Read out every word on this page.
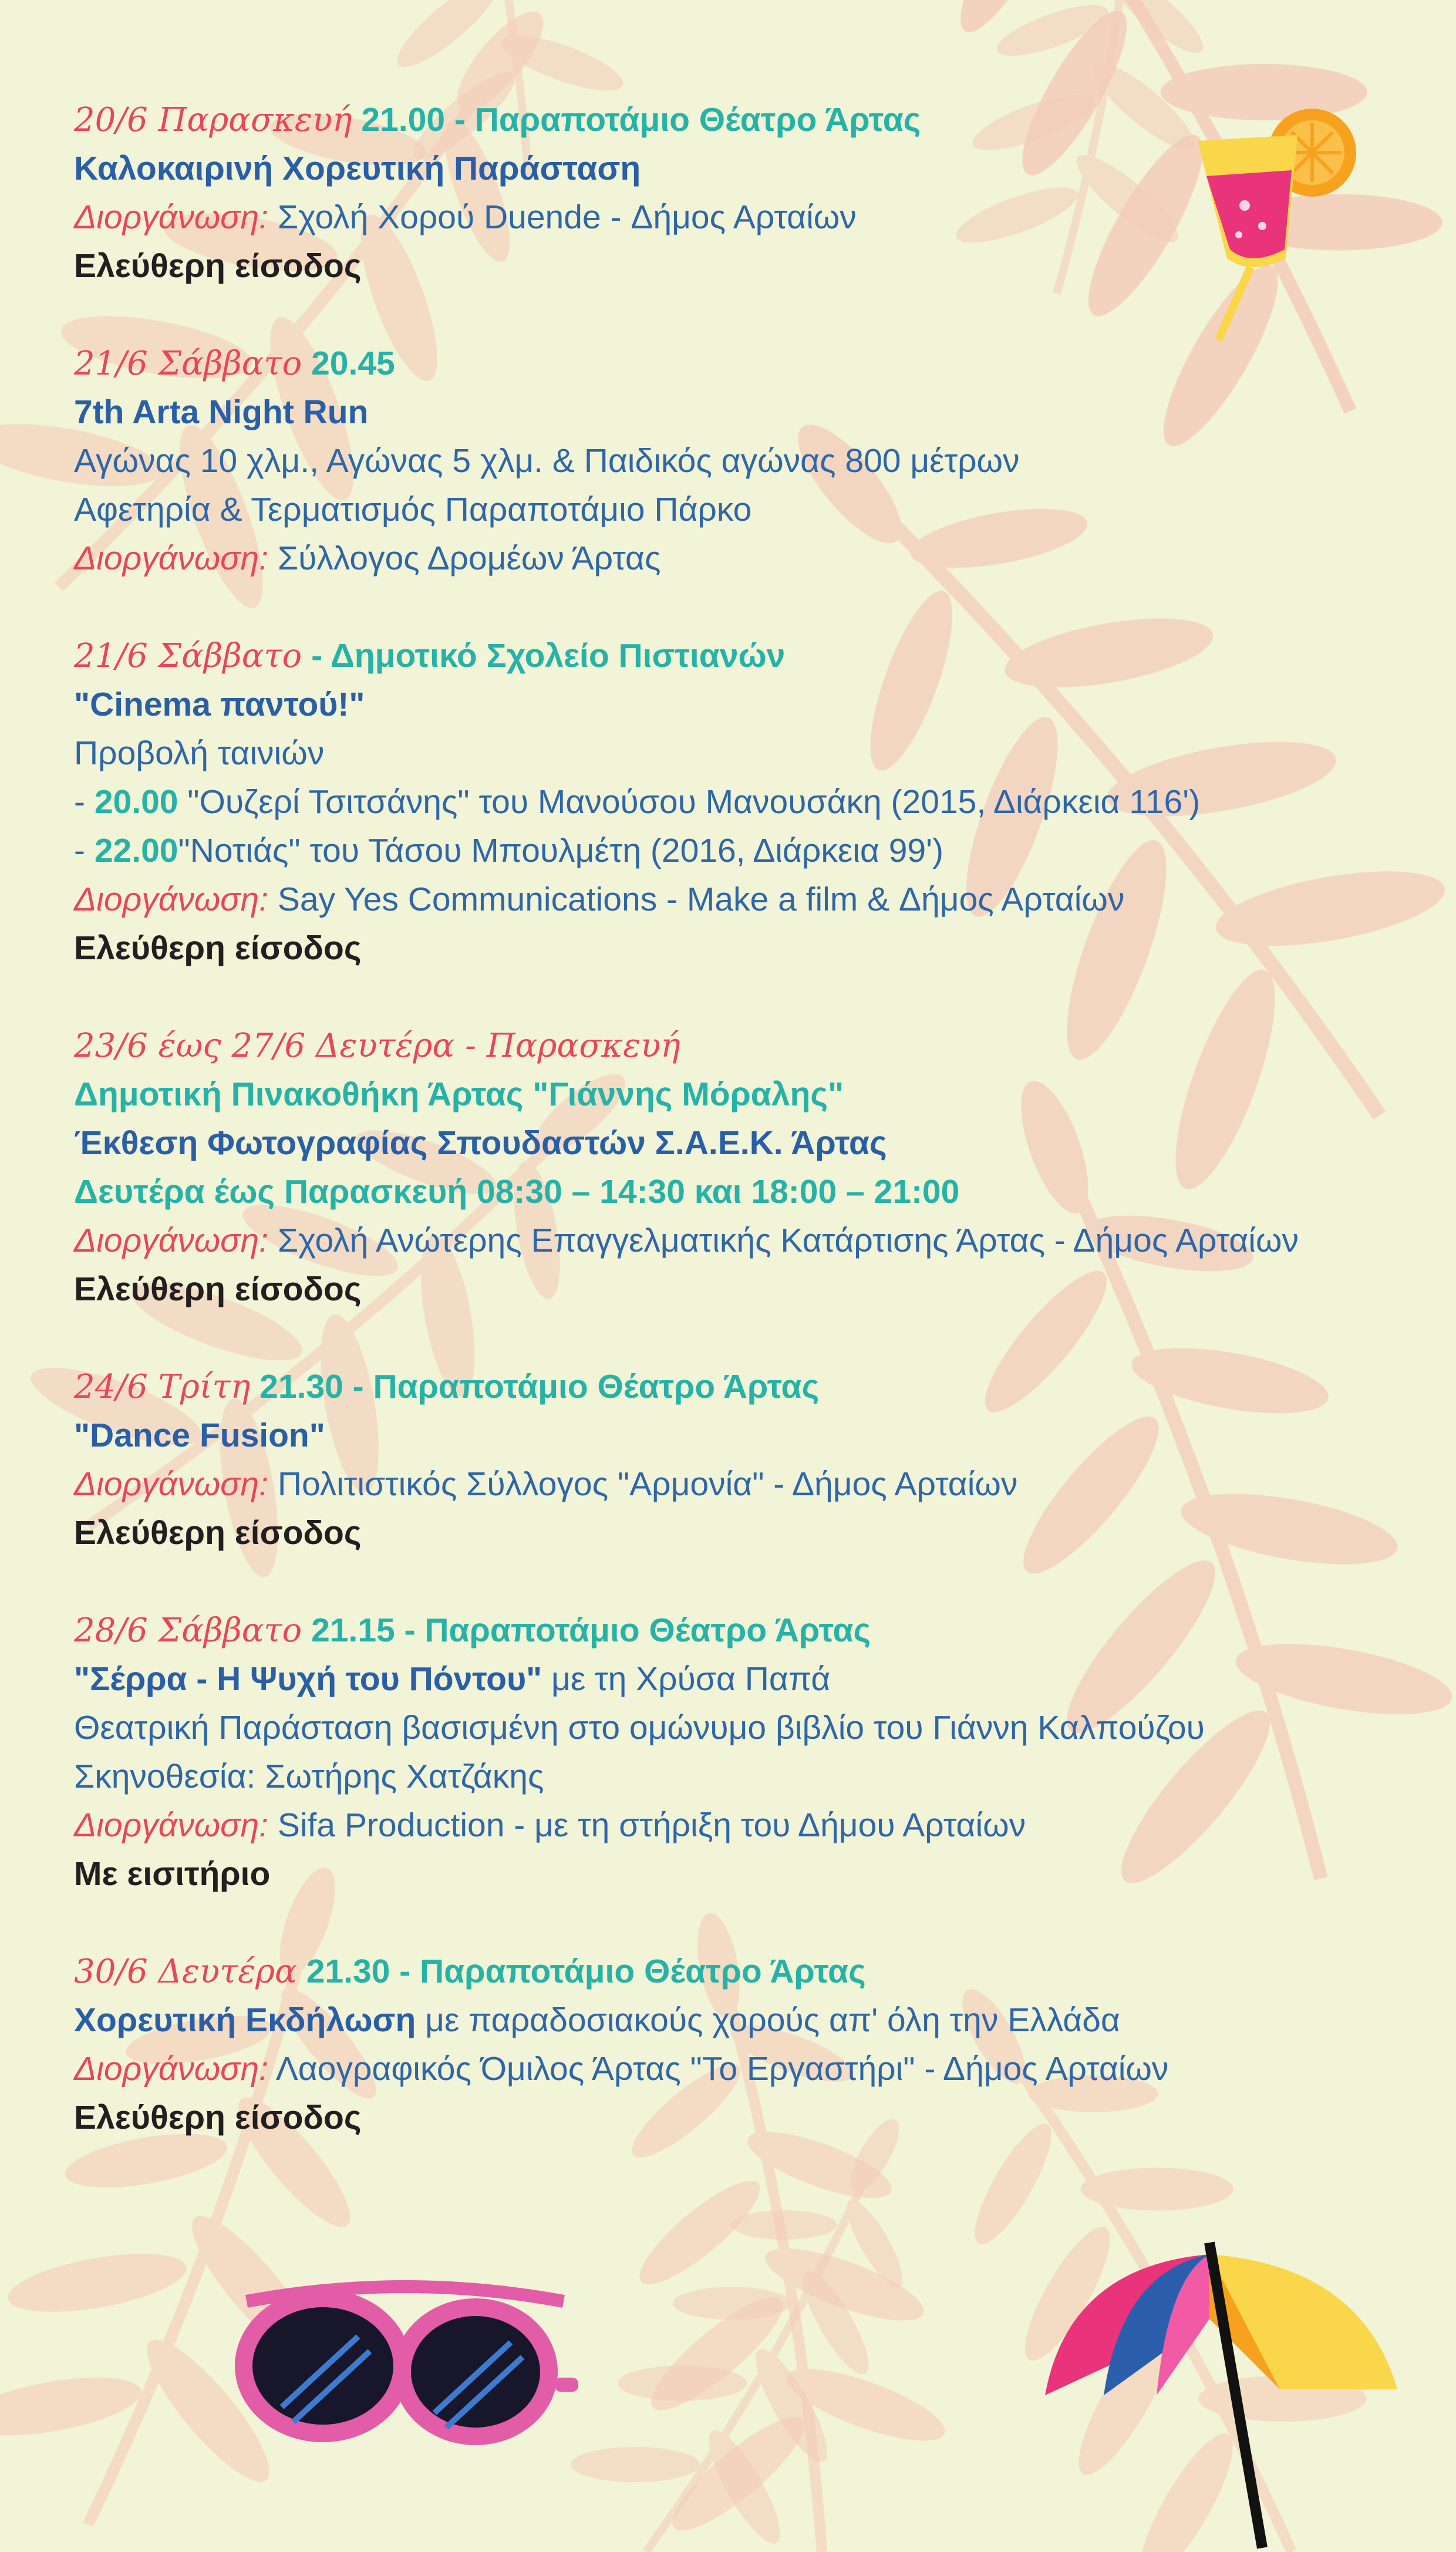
20/6 Παρασκευή 21.00 - Παραποτάμιο Θέατρο Άρτας
Καλοκαιρινή Χορευτική Παράσταση
Διοργάνωση: Σχολή Χορού Duende - Δήμος Αρταίων
Ελεύθερη είσοδος
21/6 Σάββατο 20.45
7th Arta Night Run
Αγώνας 10 χλμ., Αγώνας 5 χλμ. & Παιδικός αγώνας 800 μέτρων
Αφετηρία & Τερματισμός Παραποτάμιο Πάρκο
Διοργάνωση: Σύλλογος Δρομέων Άρτας
21/6 Σάββατο - Δημοτικό Σχολείο Πιστιανών
"Cinema παντού!"
Προβολή ταινιών
- 20.00 "Ουζερί Τσιτσάνης" του Μανούσου Μανουσάκη (2015, Διάρκεια 116')
- 22.00"Νοτιάς" του Τάσου Μπουλμέτη (2016, Διάρκεια 99')
Διοργάνωση: Say Yes Communications - Make a film & Δήμος Αρταίων
Ελεύθερη είσοδος
23/6 έως 27/6 Δευτέρα - Παρασκευή
Δημοτική Πινακοθήκη Άρτας "Γιάννης Μόραλης"
Έκθεση Φωτογραφίας Σπουδαστών Σ.Α.Ε.Κ. Άρτας
Δευτέρα έως Παρασκευή 08:30 – 14:30 και 18:00 – 21:00
Διοργάνωση: Σχολή Ανώτερης Επαγγελματικής Κατάρτισης Άρτας - Δήμος Αρταίων
Ελεύθερη είσοδος
24/6 Τρίτη 21.30 - Παραποτάμιο Θέατρο Άρτας
"Dance Fusion"
Διοργάνωση: Πολιτιστικός Σύλλογος "Αρμονία" - Δήμος Αρταίων
Ελεύθερη είσοδος
28/6 Σάββατο 21.15 - Παραποτάμιο Θέατρο Άρτας
"Σέρρα - Η Ψυχή του Πόντου" με τη Χρύσα Παπά
Θεατρική Παράσταση βασισμένη στο ομώνυμο βιβλίο του Γιάννη Καλπούζου
Σκηνοθεσία: Σωτήρης Χατζάκης
Διοργάνωση: Sifa Production - με τη στήριξη του Δήμου Αρταίων
Με εισιτήριο
30/6 Δευτέρα 21.30 - Παραποτάμιο Θέατρο Άρτας
Χορευτική Εκδήλωση με παραδοσιακούς χορούς απ' όλη την Ελλάδα
Διοργάνωση: Λαογραφικός Όμιλος Άρτας "Το Εργαστήρι" - Δήμος Αρταίων
Ελεύθερη είσοδος
